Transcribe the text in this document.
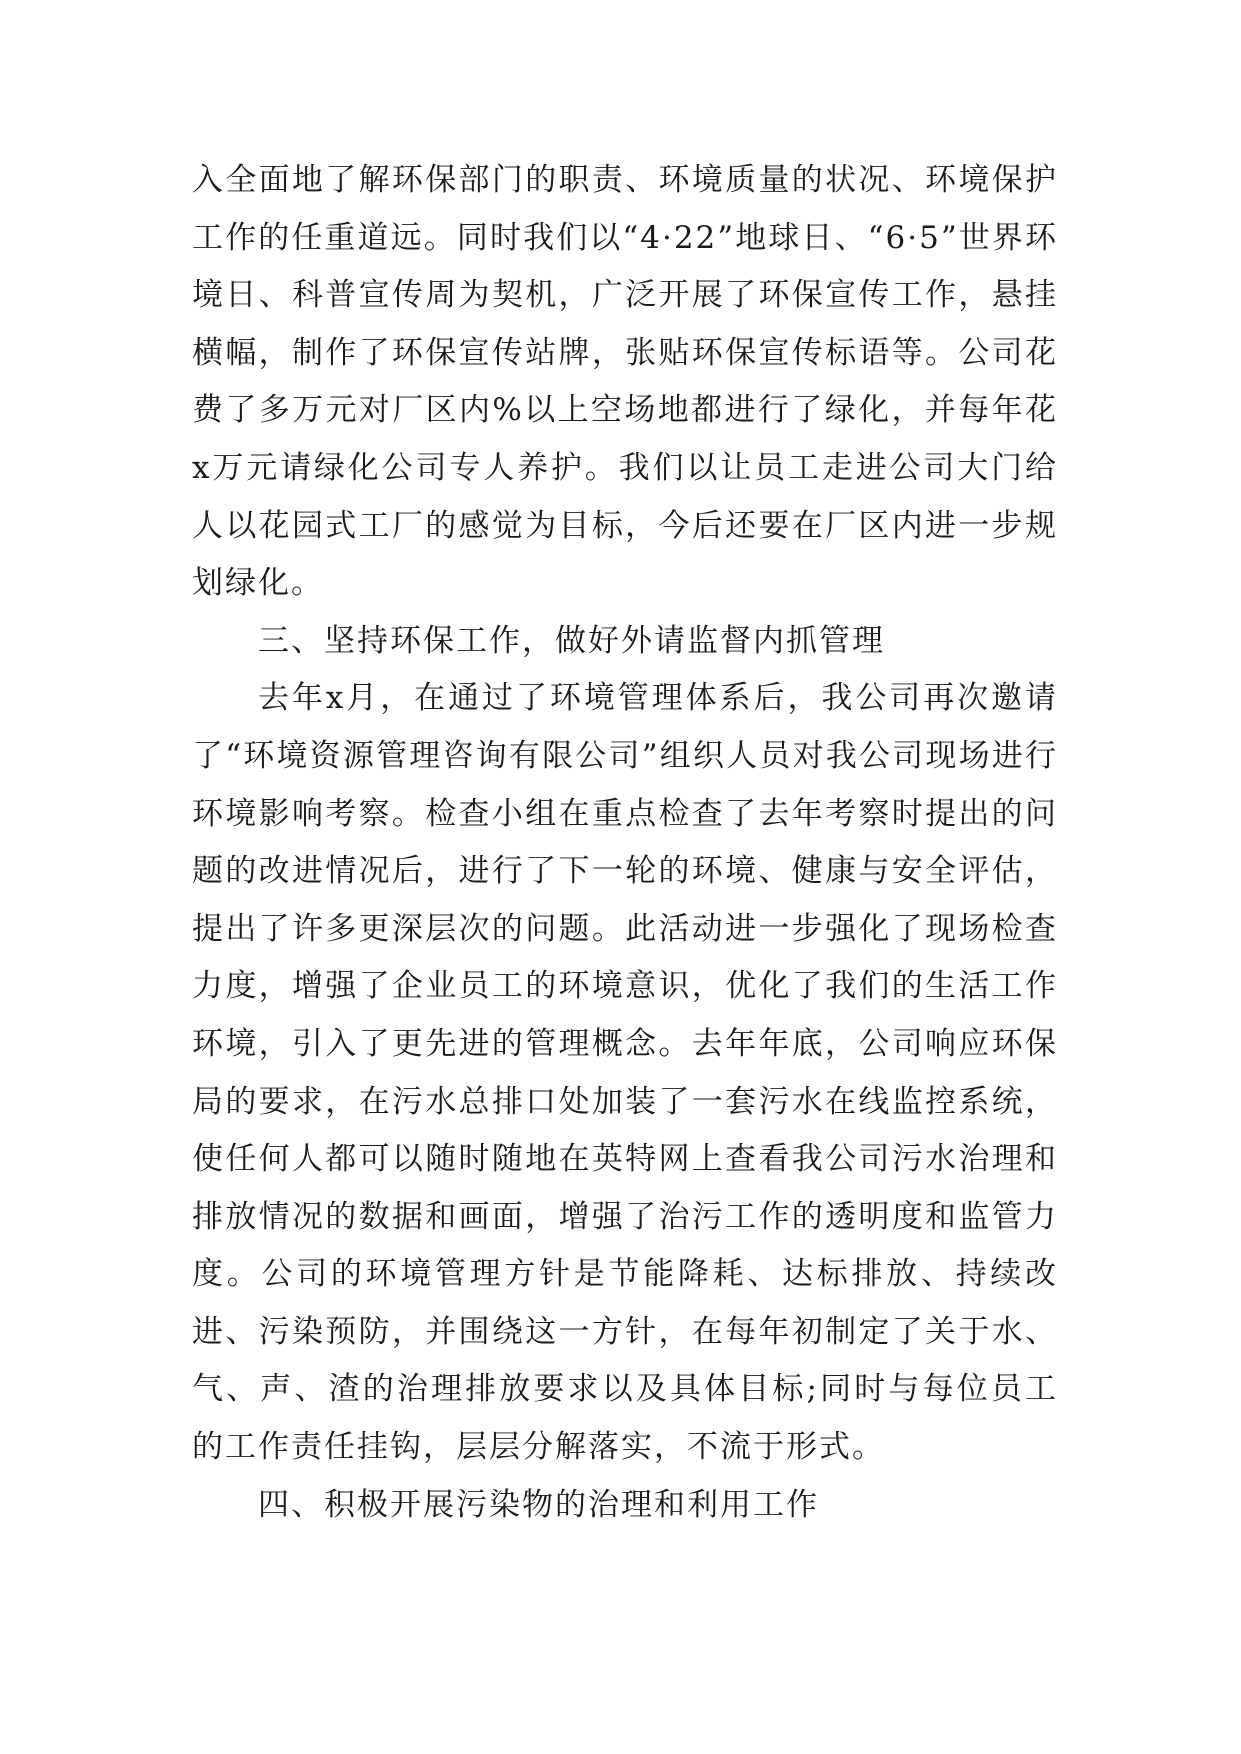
入全面地了解环保部门的职责、环境质量的状况、环境保护工作的任重道远。同时我们以“4·22”地球日、“6·5”世界环境日、科普宣传周为契机，广泛开展了环保宣传工作，悬挂横幅，制作了环保宣传站牌，张贴环保宣传标语等。公司花费了多万元对厂区内%以上空场地都进行了绿化，并每年花x万元请绿化公司专人养护。我们以让员工走进公司大门给人以花园式工厂的感觉为目标，今后还要在厂区内进一步规划绿化。

三、坚持环保工作，做好外请监督内抓管理

去年x月，在通过了环境管理体系后，我公司再次邀请了“环境资源管理咨询有限公司”组织人员对我公司现场进行环境影响考察。检查小组在重点检查了去年考察时提出的问题的改进情况后，进行了下一轮的环境、健康与安全评估，提出了许多更深层次的问题。此活动进一步强化了现场检查力度，增强了企业员工的环境意识，优化了我们的生活工作环境，引入了更先进的管理概念。去年年底，公司响应环保局的要求，在污水总排口处加装了一套污水在线监控系统，使任何人都可以随时随地在英特网上查看我公司污水治理和排放情况的数据和画面，增强了治污工作的透明度和监管力度。公司的环境管理方针是节能降耗、达标排放、持续改进、污染预防，并围绕这一方针，在每年初制定了关于水、气、声、渣的治理排放要求以及具体目标;同时与每位员工的工作责任挂钩，层层分解落实，不流于形式。

四、积极开展污染物的治理和利用工作
